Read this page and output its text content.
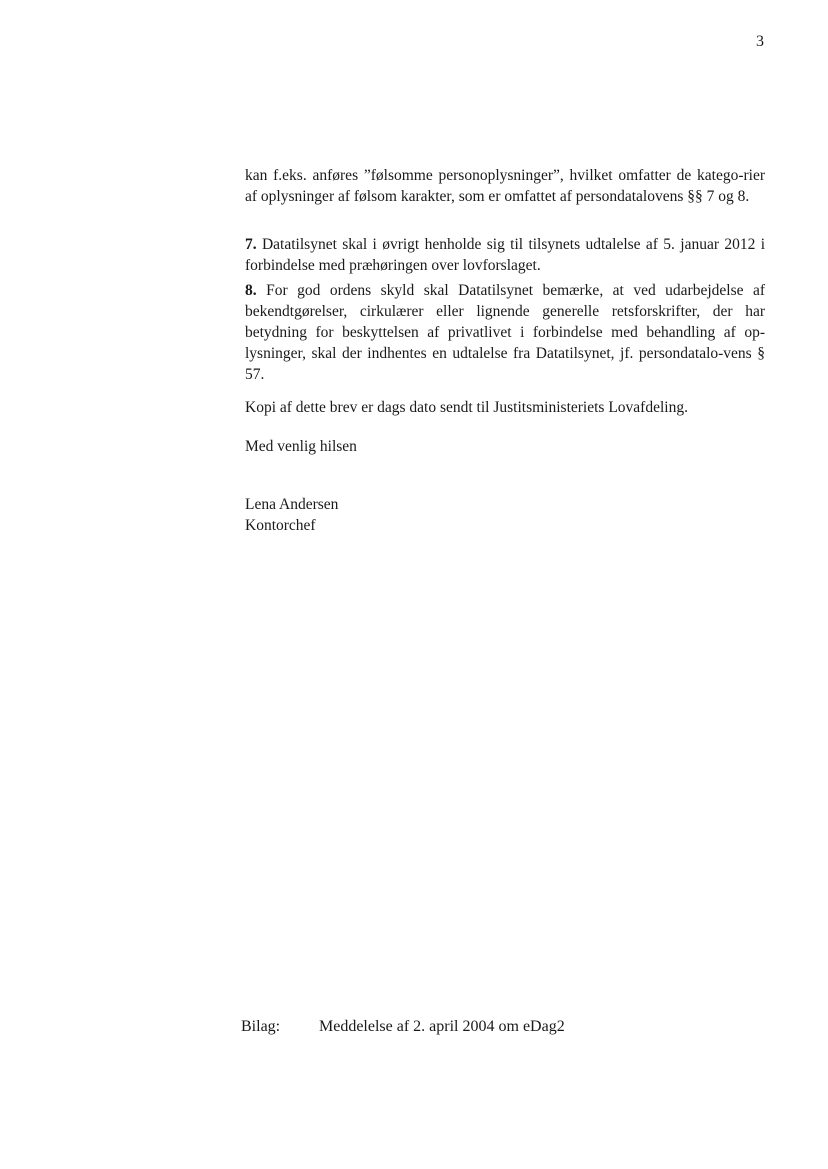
3

kan f.eks. anføres ”følsomme personoplysninger”, hvilket omfatter de katego-rier af oplysninger af følsom karakter, som er omfattet af persondatalovens §§ 7 og 8.

7. Datatilsynet skal i øvrigt henholde sig til tilsynets udtalelse af 5. januar 2012 i forbindelse med præhøringen over lovforslaget.

8. For god ordens skyld skal Datatilsynet bemærke, at ved udarbejdelse af bekendtgørelser, cirkulærer eller lignende generelle retsforskrifter, der har betydning for beskyttelsen af privatlivet i forbindelse med behandling af op-lysninger, skal der indhentes en udtalelse fra Datatilsynet, jf. persondatalo-vens § 57.

Kopi af dette brev er dags dato sendt til Justitsministeriets Lovafdeling.

Med venlig hilsen

Lena Andersen

Kontorchef

Bilag: Meddelelse af 2. april 2004 om eDag2
